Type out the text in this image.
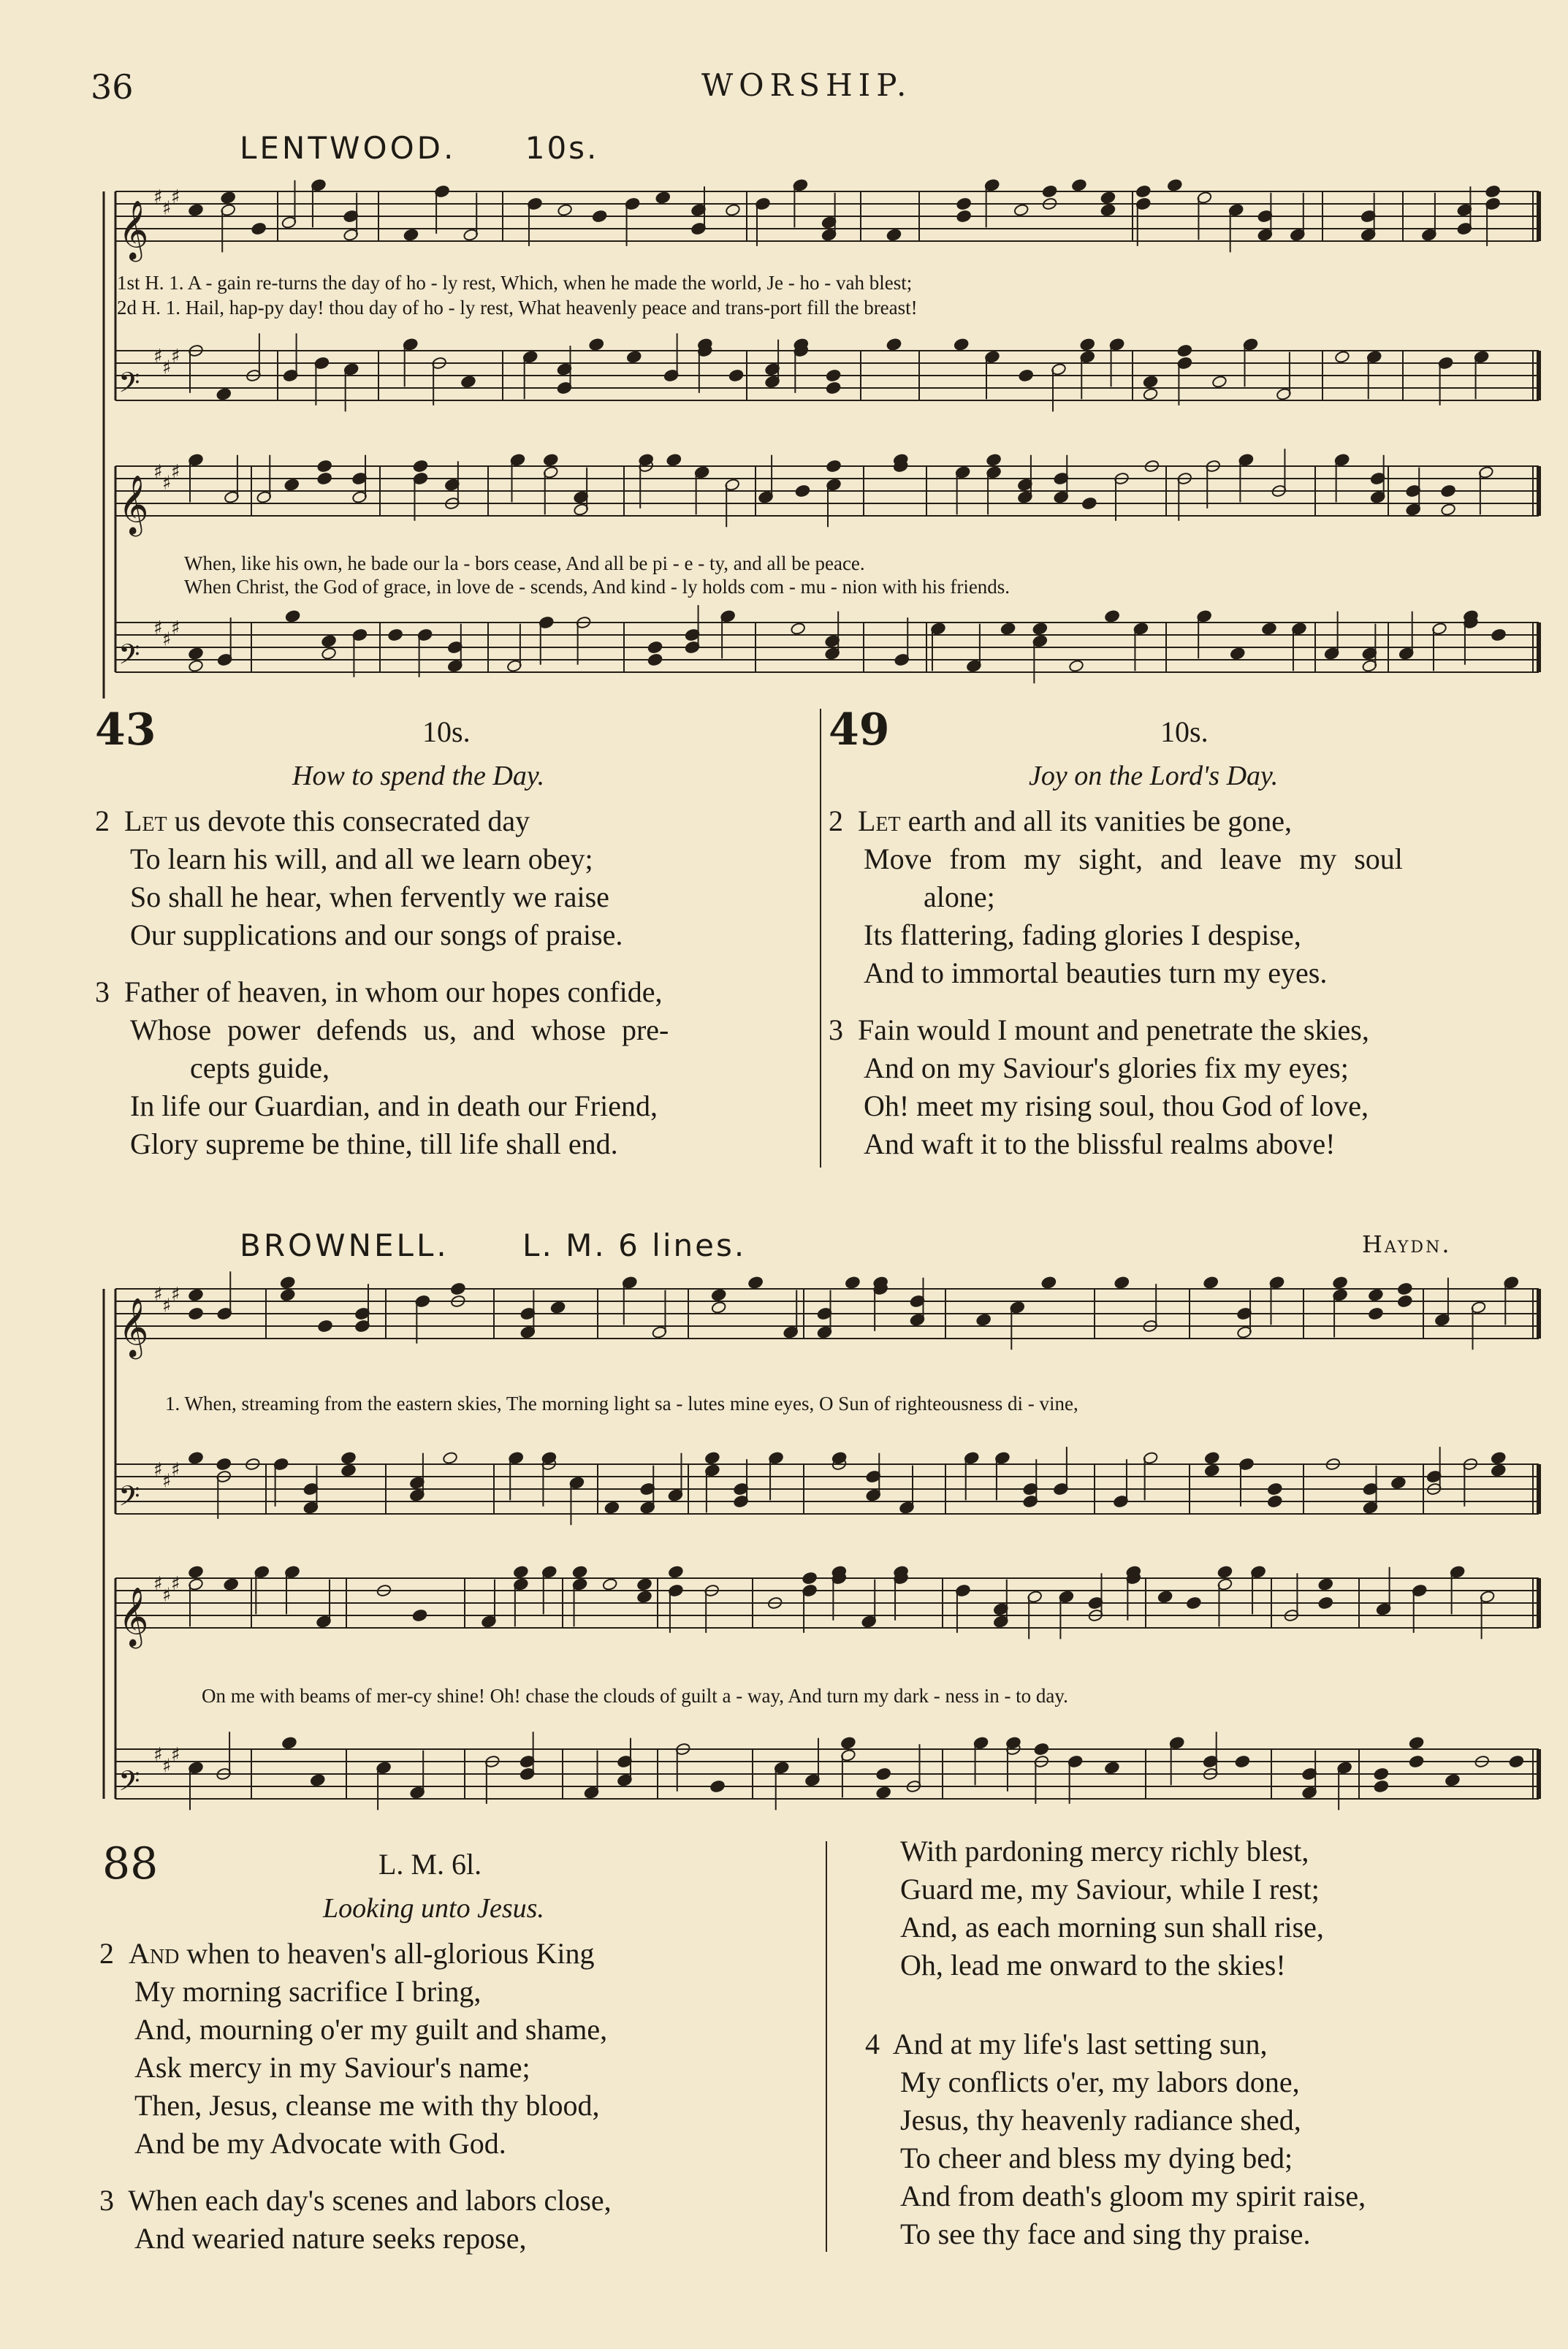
36	WORSHIP.
LENTWOOD. 10s.
𝄞
♯
♯
♯
𝄢
♯
♯
♯
𝄞
♯
♯
♯
𝄢
♯
♯
♯
𝄞
♯
♯
♯
𝄢
♯
♯
♯
𝄞
♯
♯
♯
𝄢
♯
♯
♯
1st H. 1. A - gain re-turns the day of ho - ly rest, Which, when he made the world, Je - ho - vah blest;
2d H. 1. Hail, hap-py day! thou day of ho - ly rest, What heavenly peace and trans-port fill the breast!
When, like his own, he bade our la - bors cease, And all be pi - e - ty, and all be peace.
When Christ, the God of grace, in love de - scends, And kind - ly holds com - mu - nion with his friends.
43	10s.
How to spend the Day.
2 Let us devote this consecrated day
To learn his will, and all we learn obey;
So shall he hear, when fervently we raise
Our supplications and our songs of praise.
3 Father of heaven, in whom our hopes confide,
Whose power defends us, and whose pre-
cepts guide,
In life our Guardian, and in death our Friend,
Glory supreme be thine, till life shall end.
49	10s.
Joy on the Lord's Day.
2 Let earth and all its vanities be gone,
Move from my sight, and leave my soul
alone;
Its flattering, fading glories I despise,
And to immortal beauties turn my eyes.
3 Fain would I mount and penetrate the skies,
And on my Saviour's glories fix my eyes;
Oh! meet my rising soul, thou God of love,
And waft it to the blissful realms above!
BROWNELL. L. M. 6 lines.	Haydn.
1. When, streaming from the eastern skies, The morning light sa - lutes mine eyes, O Sun of righteousness di - vine,
On me with beams of mer-cy shine! Oh! chase the clouds of guilt a - way, And turn my dark - ness in - to day.
88	L. M. 6l.
Looking unto Jesus.
2 And when to heaven's all-glorious King
My morning sacrifice I bring,
And, mourning o'er my guilt and shame,
Ask mercy in my Saviour's name;
Then, Jesus, cleanse me with thy blood,
And be my Advocate with God.
3 When each day's scenes and labors close,
And wearied nature seeks repose,
With pardoning mercy richly blest,
Guard me, my Saviour, while I rest;
And, as each morning sun shall rise,
Oh, lead me onward to the skies!
4 And at my life's last setting sun,
My conflicts o'er, my labors done,
Jesus, thy heavenly radiance shed,
To cheer and bless my dying bed;
And from death's gloom my spirit raise,
To see thy face and sing thy praise.
